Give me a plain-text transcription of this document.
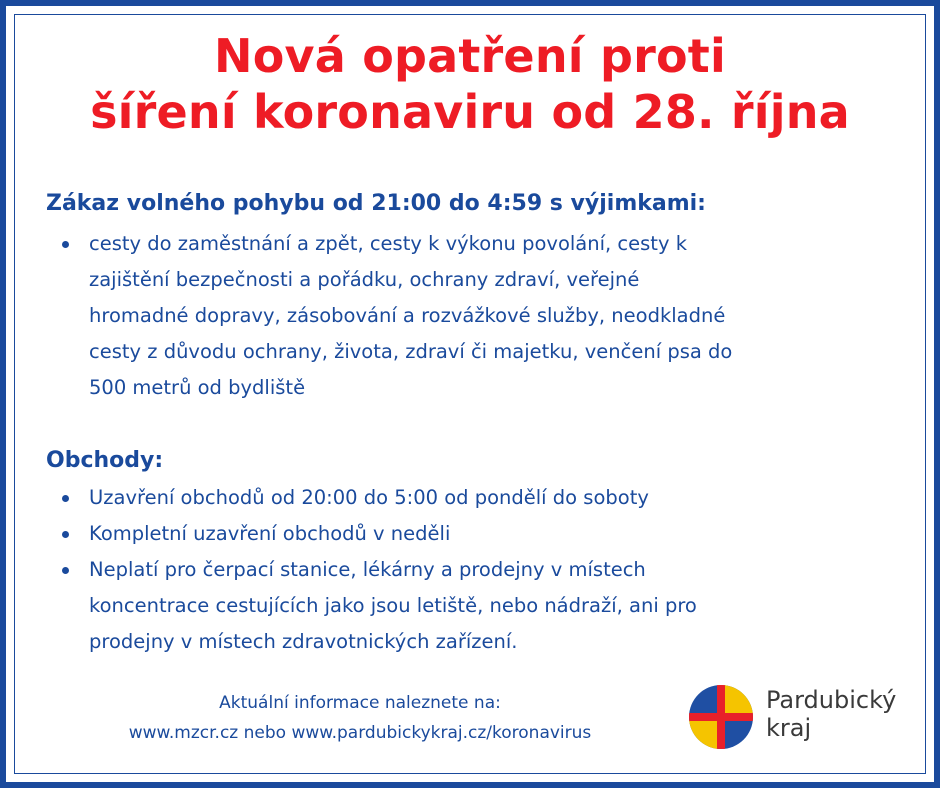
Nová opatření proti
šíření koronaviru od 28. října
Zákaz volného pohybu od 21:00 do 4:59 s výjimkami:
cesty do zaměstnání a zpět, cesty k výkonu povolání, cesty k
zajištění bezpečnosti a pořádku, ochrany zdraví, veřejné
hromadné dopravy, zásobování a rozvážkové služby, neodkladné
cesty z důvodu ochrany, života, zdraví či majetku, venčení psa do
500 metrů od bydliště
Obchody:
Uzavření obchodů od 20:00 do 5:00 od pondělí do soboty
Kompletní uzavření obchodů v neděli
Neplatí pro čerpací stanice, lékárny a prodejny v místech
koncentrace cestujících jako jsou letiště, nebo nádraží, ani pro
prodejny v místech zdravotnických zařízení.
Aktuální informace naleznete na:
www.mzcr.cz nebo www.pardubickykraj.cz/koronavirus
Pardubický
kraj
